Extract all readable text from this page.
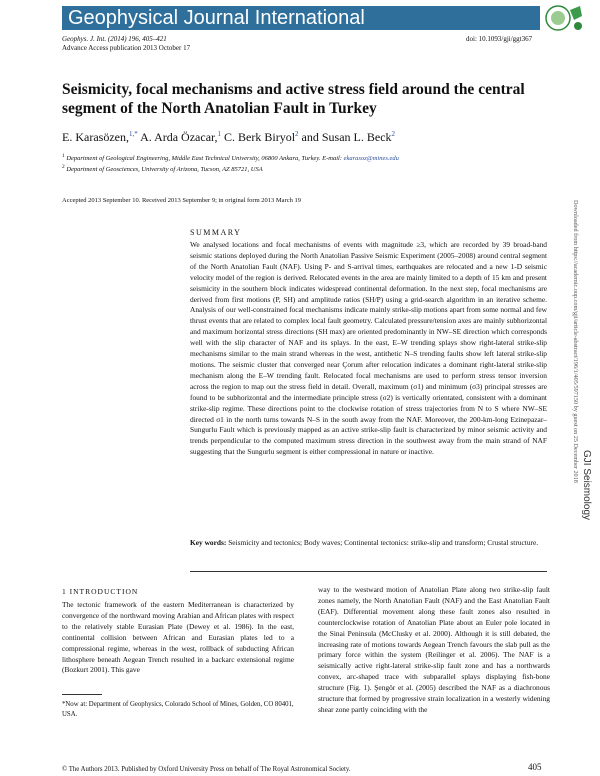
Geophysical Journal International
Geophys. J. Int. (2014) 196, 405–421
Advance Access publication 2013 October 17
doi: 10.1093/gji/ggt367
Seismicity, focal mechanisms and active stress field around the central segment of the North Anatolian Fault in Turkey
E. Karasözen,$^{1,*}$ A. Arda Özacar,$^1$ C. Berk Biryol$^2$ and Susan L. Beck$^2$
$^1$ Department of Geological Engineering, Middle East Technical University, 06800 Ankara, Turkey. E-mail: ekarasoz@mines.edu
$^2$ Department of Geosciences, University of Arizona, Tucson, AZ 85721, USA
Accepted 2013 September 10. Received 2013 September 9; in original form 2013 March 19
SUMMARY
We analysed locations and focal mechanisms of events with magnitude ≥3, which are recorded by 39 broad-band seismic stations deployed during the North Anatolian Passive Seismic Experiment (2005–2008) around central segment of the North Anatolian Fault (NAF). Using P- and S-arrival times, earthquakes are relocated and a new 1-D seismic velocity model of the region is derived. Relocated events in the area are mainly limited to a depth of 15 km and present seismicity in the southern block indicates widespread continental deformation. In the next step, focal mechanisms are derived from first motions (P, SH) and amplitude ratios (SH/P) using a grid-search algorithm in an iterative scheme. Analysis of our well-constrained focal mechanisms indicate mainly strike-slip motions apart from some normal and few thrust events that are related to complex local fault geometry. Calculated pressure/tension axes are mainly subhorizontal and maximum horizontal stress directions (SH max) are oriented predominantly in NW–SE direction which corresponds well with the slip character of NAF and its splays. In the east, E–W trending splays show right-lateral strike-slip mechanisms similar to the main strand whereas in the west, antithetic N–S trending faults show left lateral strike-slip motions. The seismic cluster that converged near Çorum after relocation indicates a dominant right-lateral strike-slip mechanism along the E–W trending fault. Relocated focal mechanisms are used to perform stress tensor inversion across the region to map out the stress field in detail. Overall, maximum (σ1) and minimum (σ3) principal stresses are found to be subhorizontal and the intermediate principle stress (σ2) is vertically orientated, consistent with a dominant strike-slip regime. These directions point to the clockwise rotation of stress trajectories from N to S where NW–SE directed σ1 in the north turns towards N–S in the south away from the NAF. Moreover, the 200-km-long Ezinepazar–Sungurlu Fault which is previously mapped as an active strike-slip fault is characterized by minor seismic activity and trends perpendicular to the computed maximum stress direction in the southwest away from the main strand of NAF suggesting that the Sungurlu segment is either compressional in nature or inactive.
Key words: Seismicity and tectonics; Body waves; Continental tectonics: strike-slip and transform; Crustal structure.
1 INTRODUCTION
The tectonic framework of the eastern Mediterranean is characterized by convergence of the northward moving Arabian and African plates with respect to the relatively stable Eurasian Plate (Dewey et al. 1986). In the east, continental collision between African and Eurasian plates led to a compressional regime, whereas in the west, rollback of subducting African lithosphere beneath Aegean Trench resulted in a backarc extensional regime (Bozkurt 2001). This gave
way to the westward motion of Anatolian Plate along two strike-slip fault zones namely, the North Anatolian Fault (NAF) and the East Anatolian Fault (EAF). Differential movement along these fault zones also resulted in counterclockwise rotation of Anatolian Plate about an Euler pole located in the Sinai Peninsula (McClusky et al. 2000). Although it is still debated, the increasing rate of motions towards Aegean Trench favours the slab pull as the primary force within the system (Reilinger et al. 2006). The NAF is a seismically active right-lateral strike-slip fault zone and has a northwards convex, arc-shaped trace with subparallel splays displaying fish-bone structure (Fig. 1). Şengör et al. (2005) described the NAF as a diachronous structure that formed by progressive strain localization in a westerly widening shear zone partly coinciding with the
*Now at: Department of Geophysics, Colorado School of Mines, Golden, CO 80401, USA.
© The Authors 2013. Published by Oxford University Press on behalf of The Royal Astronomical Society.	405
Downloaded from https://academic.oup.com/gji/article-abstract/196/1/405/597150 by guest on 25 December 2018
GJI Seismology
